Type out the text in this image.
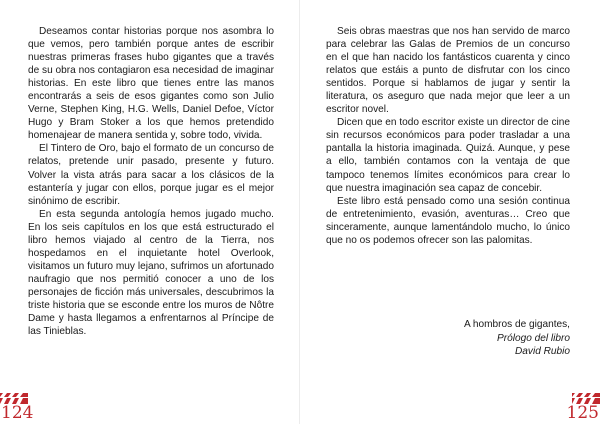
Deseamos contar historias porque nos asombra lo que vemos, pero también porque antes de escribir nuestras primeras frases hubo gigantes que a través de su obra nos contagiaron esa necesidad de imaginar historias. En este libro que tienes entre las manos encontrarás a seis de esos gigantes como son Julio Verne, Stephen King, H.G. Wells, Daniel Defoe, Víctor Hugo y Bram Stoker a los que hemos pretendido homenajear de manera sentida y, sobre todo, vivida.

El Tintero de Oro, bajo el formato de un concurso de relatos, pretende unir pasado, presente y futuro. Volver la vista atrás para sacar a los clásicos de la estantería y jugar con ellos, porque jugar es el mejor sinónimo de escribir.

En esta segunda antología hemos jugado mucho. En los seis capítulos en los que está estructurado el libro hemos viajado al centro de la Tierra, nos hospedamos en el inquietante hotel Overlook, visitamos un futuro muy lejano, sufrimos un afortunado naufragio que nos permitió conocer a uno de los personajes de ficción más universales, descubrimos la triste historia que se esconde entre los muros de Nôtre Dame y hasta llegamos a enfrentarnos al Príncipe de las Tinieblas.

Seis obras maestras que nos han servido de marco para celebrar las Galas de Premios de un concurso en el que han nacido los fantásticos cuarenta y cinco relatos que estáis a punto de disfrutar con los cinco sentidos. Porque si hablamos de jugar y sentir la literatura, os aseguro que nada mejor que leer a un escritor novel.

Dicen que en todo escritor existe un director de cine sin recursos económicos para poder trasladar a una pantalla la historia imaginada. Quizá. Aunque, y pese a ello, también contamos con la ventaja de que tampoco tenemos límites económicos para crear lo que nuestra imaginación sea capaz de concebir.

Este libro está pensado como una sesión continua de entretenimiento, evasión, aventuras… Creo que sinceramente, aunque lamentándolo mucho, lo único que no os podemos ofrecer son las palomitas.

A hombros de gigantes,
Prólogo del libro
David Rubio
124	125
